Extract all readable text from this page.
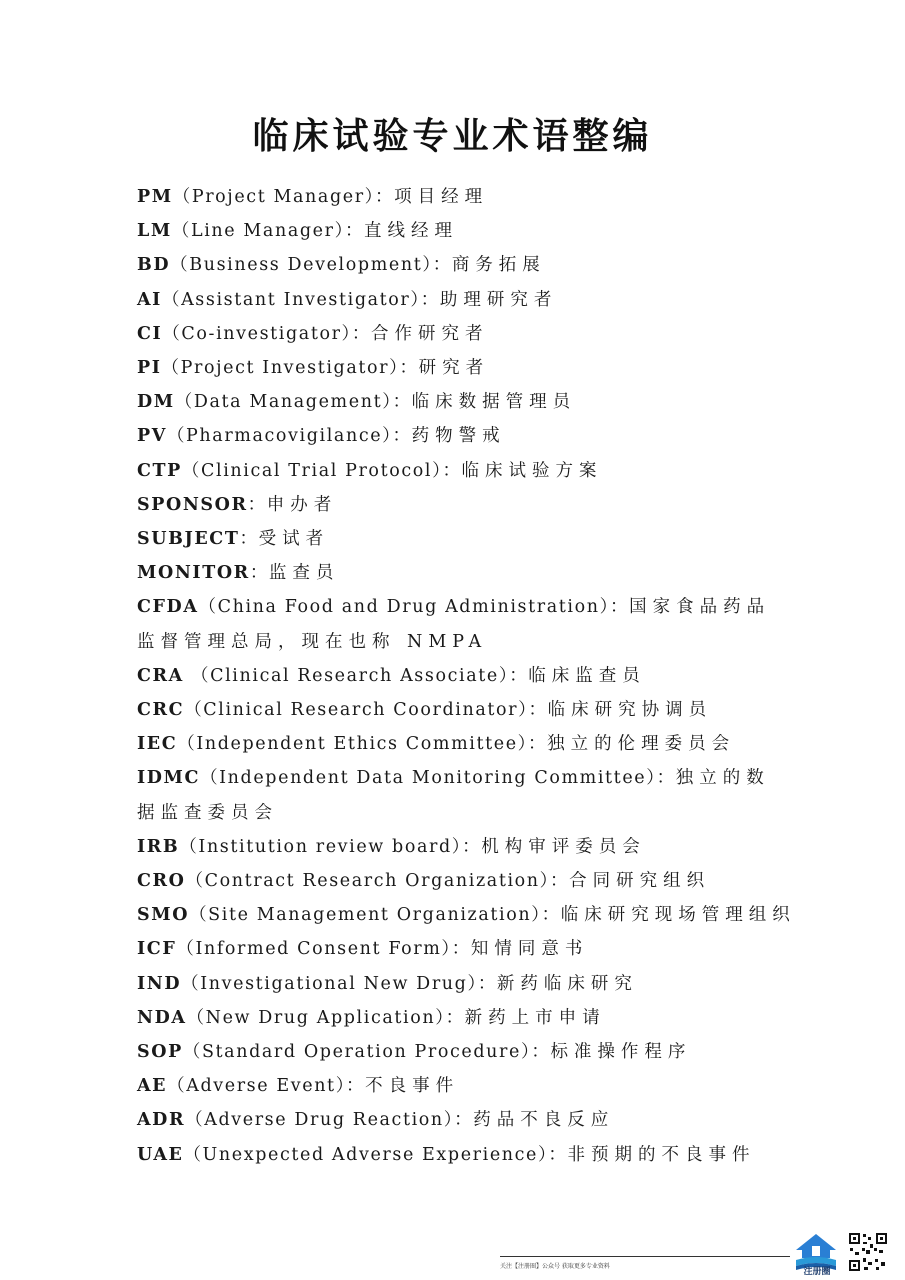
临床试验专业术语整编
PM（Project Manager）：项目经理
LM（Line Manager）：直线经理
BD（Business Development）：商务拓展
AI（Assistant Investigator）：助理研究者
CI（Co-investigator）：合作研究者
PI（Project Investigator）：研究者
DM（Data Management）：临床数据管理员
PV（Pharmacovigilance）：药物警戒
CTP（Clinical Trial Protocol）：临床试验方案
SPONSOR：申办者
SUBJECT：受试者
MONITOR：监查员
CFDA（China Food and Drug Administration）：国家食品药品监督管理总局，现在也称 NMPA
CRA （Clinical Research Associate）：临床监查员
CRC（Clinical Research Coordinator）：临床研究协调员
IEC（Independent Ethics Committee）：独立的伦理委员会
IDMC（Independent Data Monitoring Committee）：独立的数据监查委员会
IRB（Institution review board）：机构审评委员会
CRO（Contract Research Organization）：合同研究组织
SMO（Site Management Organization）：临床研究现场管理组织
ICF（Informed Consent Form）：知情同意书
IND（Investigational New Drug）：新药临床研究
NDA（New Drug Application）：新药上市申请
SOP（Standard Operation Procedure）：标准操作程序
AE（Adverse Event）：不良事件
ADR（Adverse Drug Reaction）：药品不良反应
UAE（Unexpected Adverse Experience）：非预期的不良事件
注册圈
关注【注册圈】公众号 获取更多专业资料
